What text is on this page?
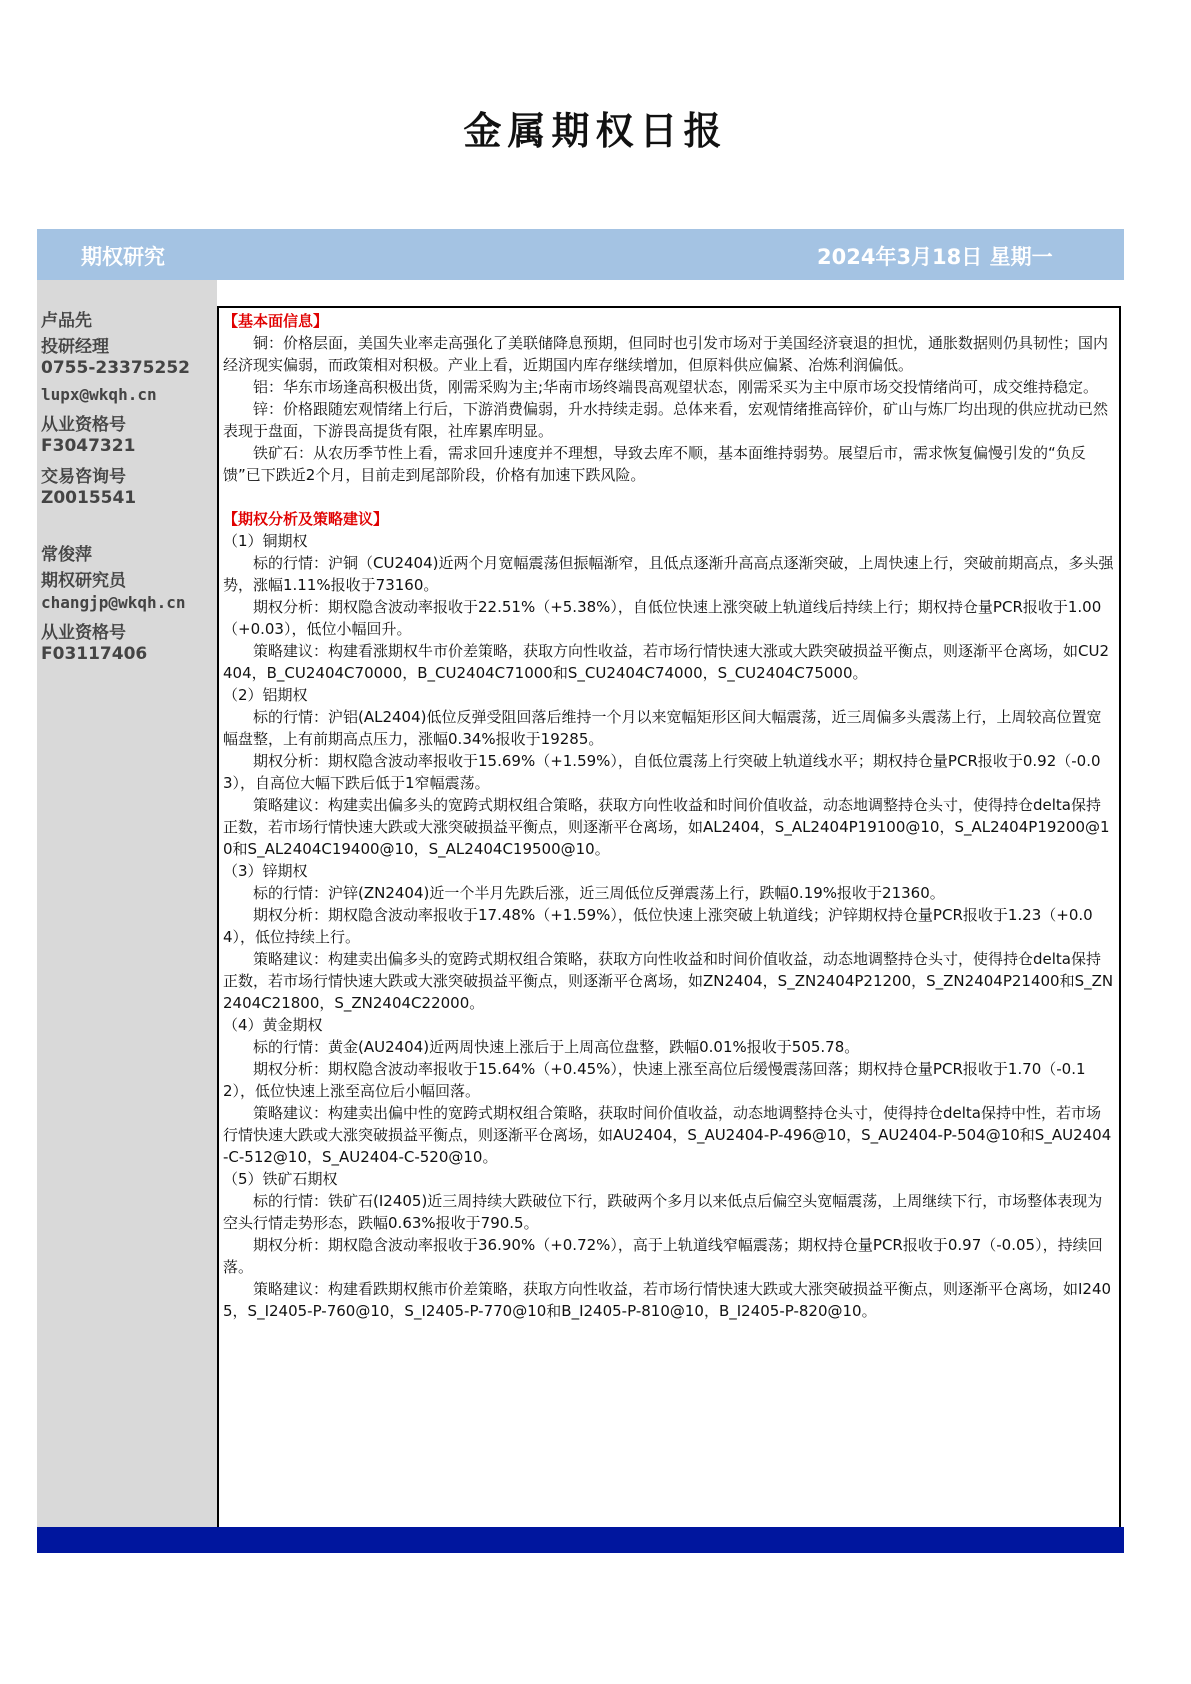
金属期权日报
期权研究	2024年3月18日 星期一
卢品先
投研经理
0755-23375252
lupx@wkqh.cn
从业资格号
F3047321
交易咨询号
Z0015541
常俊萍
期权研究员
changjp@wkqh.cn
从业资格号
F03117406
【基本面信息】

铜：价格层面，美国失业率走高强化了美联储降息预期，但同时也引发市场对于美国经济衰退的担忧，通胀数据则仍具韧性；国内经济现实偏弱，而政策相对积极。产业上看，近期国内库存继续增加，但原料供应偏紧、冶炼利润偏低。

铝：华东市场逢高积极出货，刚需采购为主;华南市场终端畏高观望状态，刚需采买为主中原市场交投情绪尚可，成交维持稳定。

锌：价格跟随宏观情绪上行后，下游消费偏弱，升水持续走弱。总体来看，宏观情绪推高锌价，矿山与炼厂均出现的供应扰动已然表现于盘面，下游畏高提货有限，社库累库明显。

铁矿石：从农历季节性上看，需求回升速度并不理想，导致去库不顺，基本面维持弱势。展望后市，需求恢复偏慢引发的“负反馈”已下跌近2个月，目前走到尾部阶段，价格有加速下跌风险。

【期权分析及策略建议】
（1）铜期权

标的行情：沪铜（CU2404)近两个月宽幅震荡但振幅渐窄，且低点逐渐升高高点逐渐突破，上周快速上行，突破前期高点，多头强势，涨幅1.11%报收于73160。

期权分析：期权隐含波动率报收于22.51%（+5.38%），自低位快速上涨突破上轨道线后持续上行；期权持仓量PCR报收于1.00（+0.03），低位小幅回升。

策略建议：构建看涨期权牛市价差策略，获取方向性收益，若市场行情快速大涨或大跌突破损益平衡点，则逐渐平仓离场，如CU2404，B_CU2404C70000，B_CU2404C71000和S_CU2404C74000，S_CU2404C75000。

（2）铝期权

标的行情：沪铝(AL2404)低位反弹受阻回落后维持一个月以来宽幅矩形区间大幅震荡，近三周偏多头震荡上行，上周较高位置宽幅盘整，上有前期高点压力，涨幅0.34%报收于19285。

期权分析：期权隐含波动率报收于15.69%（+1.59%），自低位震荡上行突破上轨道线水平；期权持仓量PCR报收于0.92（-0.03），自高位大幅下跌后低于1窄幅震荡。

策略建议：构建卖出偏多头的宽跨式期权组合策略，获取方向性收益和时间价值收益，动态地调整持仓头寸，使得持仓delta保持正数，若市场行情快速大跌或大涨突破损益平衡点，则逐渐平仓离场，如AL2404，S_AL2404P19100@10，S_AL2404P19200@10和S_AL2404C19400@10，S_AL2404C19500@10。

（3）锌期权

标的行情：沪锌(ZN2404)近一个半月先跌后涨，近三周低位反弹震荡上行，跌幅0.19%报收于21360。

期权分析：期权隐含波动率报收于17.48%（+1.59%），低位快速上涨突破上轨道线；沪锌期权持仓量PCR报收于1.23（+0.04），低位持续上行。

策略建议：构建卖出偏多头的宽跨式期权组合策略，获取方向性收益和时间价值收益，动态地调整持仓头寸，使得持仓delta保持正数，若市场行情快速大跌或大涨突破损益平衡点，则逐渐平仓离场，如ZN2404，S_ZN2404P21200，S_ZN2404P21400和S_ZN2404C21800，S_ZN2404C22000。

（4）黄金期权

标的行情：黄金(AU2404)近两周快速上涨后于上周高位盘整，跌幅0.01%报收于505.78。

期权分析：期权隐含波动率报收于15.64%（+0.45%），快速上涨至高位后缓慢震荡回落；期权持仓量PCR报收于1.70（-0.12），低位快速上涨至高位后小幅回落。

策略建议：构建卖出偏中性的宽跨式期权组合策略，获取时间价值收益，动态地调整持仓头寸，使得持仓delta保持中性，若市场行情快速大跌或大涨突破损益平衡点，则逐渐平仓离场，如AU2404，S_AU2404-P-496@10，S_AU2404-P-504@10和S_AU2404-C-512@10，S_AU2404-C-520@10。

（5）铁矿石期权

标的行情：铁矿石(I2405)近三周持续大跌破位下行，跌破两个多月以来低点后偏空头宽幅震荡，上周继续下行，市场整体表现为空头行情走势形态，跌幅0.63%报收于790.5。

期权分析：期权隐含波动率报收于36.90%（+0.72%），高于上轨道线窄幅震荡；期权持仓量PCR报收于0.97（-0.05），持续回落。

策略建议：构建看跌期权熊市价差策略，获取方向性收益，若市场行情快速大跌或大涨突破损益平衡点，则逐渐平仓离场，如I2405，S_I2405-P-760@10，S_I2405-P-770@10和B_I2405-P-810@10，B_I2405-P-820@10。
